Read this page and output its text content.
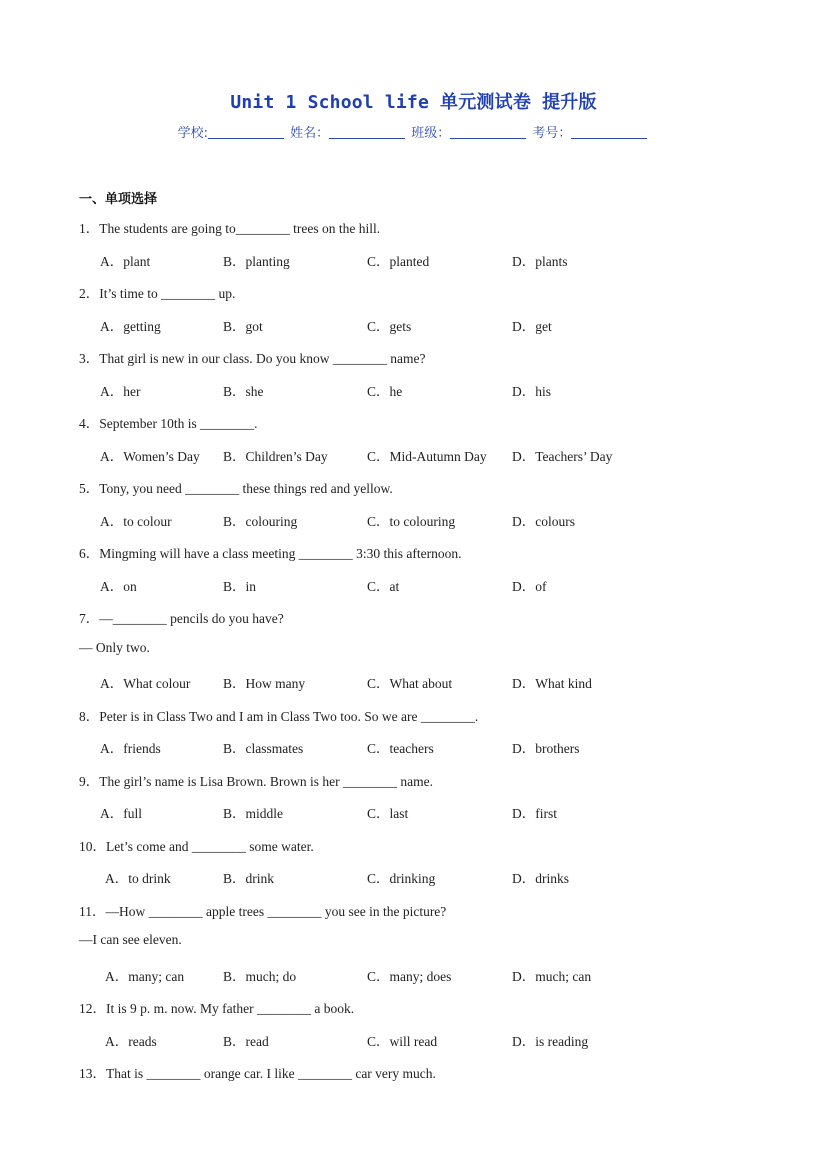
Unit 1 School life 单元测试卷 提升版
学校:	姓名：	班级：	考号：
一、单项选择
1．The students are going to________ trees on the hill.
A．plant	B．planting	C．planted	D．plants
2．It’s time to ________ up.
A．getting	B．got	C．gets	D．get
3．That girl is new in our class. Do you know ________ name?
A．her	B．she	C．he	D．his
4．September 10th is ________.
A．Women’s Day B．Children’s Day	C．Mid-Autumn Day D．Teachers’ Day
5．Tony, you need ________ these things red and yellow.
A．to colour	B．colouring	C．to colouring	D．colours
6．Mingming will have a class meeting ________ 3:30 this afternoon.
A．on	B．in	C．at	D．of
7．—________ pencils do you have?
— Only two.
A．What colour B．How many	C．What about	D．What kind
8．Peter is in Class Two and I am in Class Two too. So we are ________.
A．friends	B．classmates	C．teachers	D．brothers
9．The girl’s name is Lisa Brown. Brown is her ________ name.
A．full	B．middle	C．last	D．first
10．Let’s come and ________ some water.
A．to drink	B．drink	C．drinking	D．drinks
11．—How ________ apple trees ________ you see in the picture?
—I can see eleven.
A．many; can	B．much; do	C．many; does	D．much; can
12．It is 9 p. m. now. My father ________ a book.
A．reads	B．read	C．will read	D．is reading
13．That is ________ orange car. I like ________ car very much.
